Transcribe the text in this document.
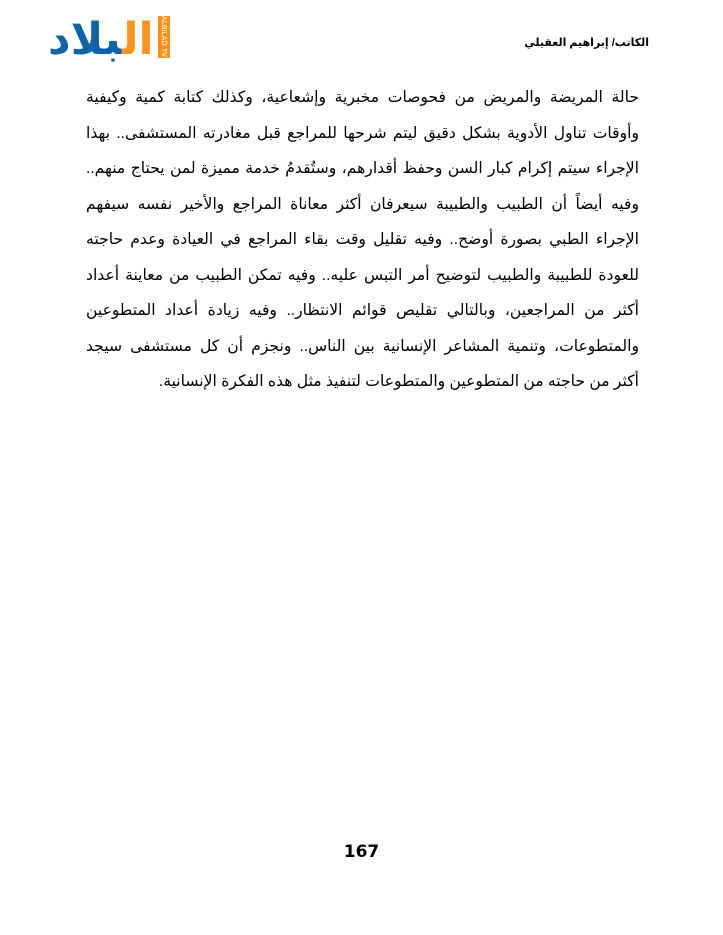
البلاد	ALBILAD TV	الكاتب/ إبراهيم العقيلي
حالة المريضة والمريض من فحوصات مخبرية وإشعاعية، وكذلك كتابة كمية وكيفية
وأوقات تناول الأدوية بشكل دقيق ليتم شرحها للمراجع قبل مغادرته المستشفى.. بهذا
الإجراء سيتم إكرام كبار السن وحفظ أقدارهم، وستُقدمُ خدمة مميزة لمن يحتاج منهم..
وفيه أيضاً أن الطبيب والطبيبة سيعرفان أكثر معاناة المراجع والأخير نفسه سيفهم
الإجراء الطبي بصورة أوضح.. وفيه تقليل وقت بقاء المراجع في العيادة وعدم حاجته
للعودة للطبيبة والطبيب لتوضيح أمر التبس عليه.. وفيه تمكن الطبيب من معاينة أعداد
أكثر من المراجعين، وبالتالي تقليص قوائم الانتظار.. وفيه زيادة أعداد المتطوعين
والمتطوعات، وتنمية المشاعر الإنسانية بين الناس.. ونجزم أن كل مستشفى سيجد
أكثر من حاجته من المتطوعين والمتطوعات لتنفيذ مثل هذه الفكرة الإنسانية.
167
